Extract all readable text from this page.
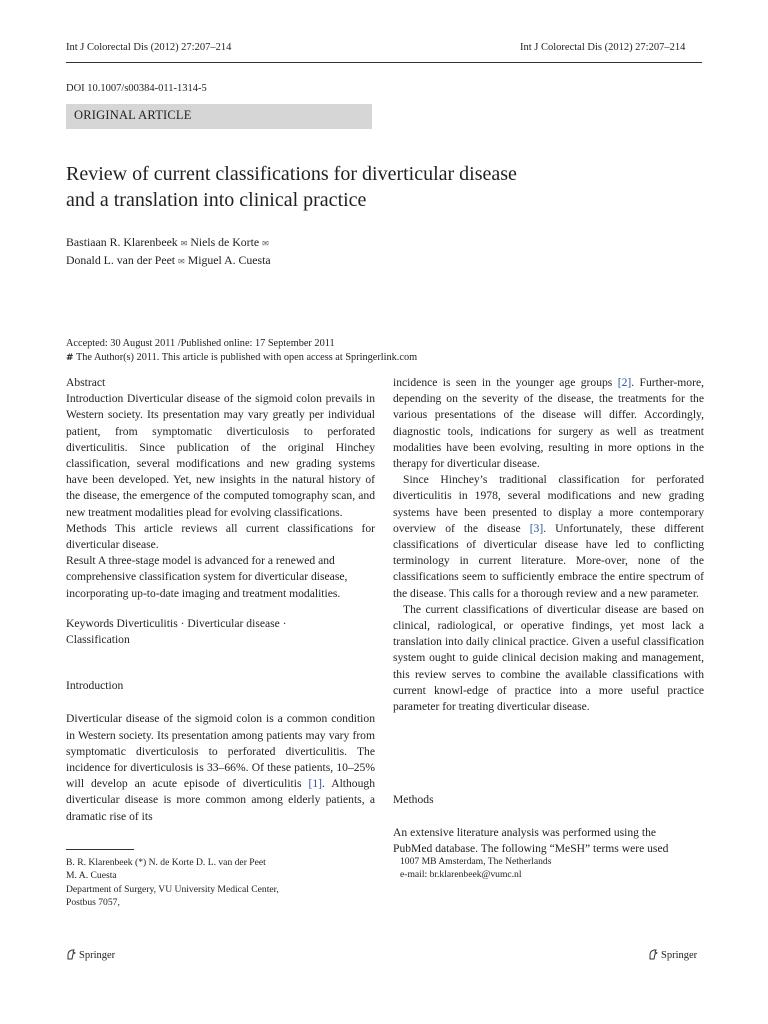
Int J Colorectal Dis (2012) 27:207–214	Int J Colorectal Dis (2012) 27:207–214
DOI 10.1007/s00384-011-1314-5
ORIGINAL ARTICLE
Review of current classifications for diverticular disease
and a translation into clinical practice
Bastiaan R. Klarenbeek ✉ Niels de Korte ✉
Donald L. van der Peet ✉ Miguel A. Cuesta
Accepted: 30 August 2011 /Published online: 17 September 2011
# The Author(s) 2011. This article is published with open access at Springerlink.com

Abstract

Introduction Diverticular disease of the sigmoid colon prevails in Western society. Its presentation may vary greatly per individual patient, from symptomatic diverticulosis to perforated diverticulitis. Since publication of the original Hinchey classification, several modifications and new grading systems have been developed. Yet, new insights in the natural history of the disease, the emergence of the computed tomography scan, and new treatment modalities plead for evolving classifications.

Methods This article reviews all current classifications for diverticular disease.

Result A three-stage model is advanced for a renewed and comprehensive classification system for diverticular disease, incorporating up-to-date imaging and treatment modalities.

Keywords Diverticulitis · Diverticular disease ·
Classification

Introduction

Diverticular disease of the sigmoid colon is a common condition in Western society. Its presentation among patients may vary from symptomatic diverticulosis to perforated diverticulitis. The incidence for diverticulosis is 33–66%. Of these patients, 10–25% will develop an acute episode of diverticulitis [1]. Although diverticular disease is more common among elderly patients, a dramatic rise of its

incidence is seen in the younger age groups [2]. Further-more, depending on the severity of the disease, the treatments for the various presentations of the disease will differ. Accordingly, diagnostic tools, indications for surgery as well as treatment modalities have been evolving, resulting in more options in the therapy for diverticular disease.

Since Hinchey’s traditional classification for perforated diverticulitis in 1978, several modifications and new grading systems have been presented to display a more contemporary overview of the disease [3]. Unfortunately, these different classifications of diverticular disease have led to conflicting terminology in current literature. More-over, none of the classifications seem to sufficiently embrace the entire spectrum of the disease. This calls for a thorough review and a new parameter.

The current classifications of diverticular disease are based on clinical, radiological, or operative findings, yet most lack a translation into daily clinical practice. Given a useful classification system ought to guide clinical decision making and management, this review serves to combine the available classifications with current knowl-edge of practice into a more useful practice parameter for treating diverticular disease.

Methods
An extensive literature analysis was performed using the
PubMed database. The following “MeSH” terms were used
B. R. Klarenbeek (*) N. de Korte D. L. van der Peet
M. A. Cuesta
Department of Surgery, VU University Medical Center,
Postbus 7057,
1007 MB Amsterdam, The Netherlands
e-mail: br.klarenbeek@vumc.nl
Springer	Springer
